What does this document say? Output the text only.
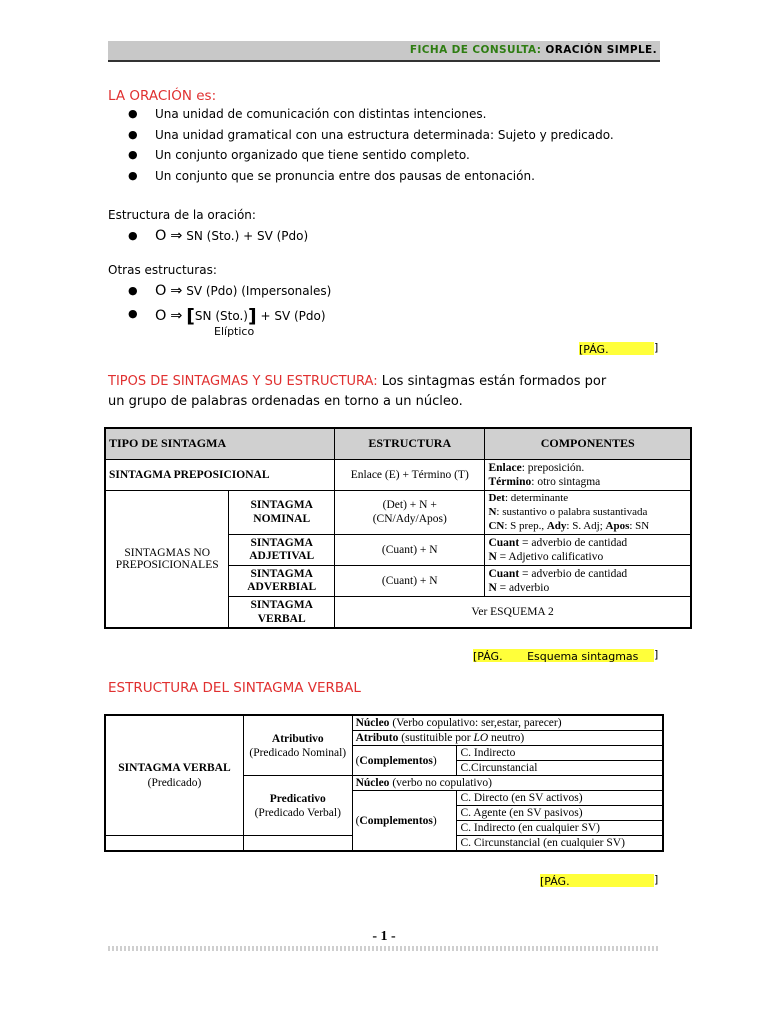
FICHA DE CONSULTA: ORACIÓN SIMPLE.
LA ORACIÓN es:
● Una unidad de comunicación con distintas intenciones.
● Una unidad gramatical con una estructura determinada: Sujeto y predicado.
● Un conjunto organizado que tiene sentido completo.
● Un conjunto que se pronuncia entre dos pausas de entonación.
Estructura de la oración:
● O ⇒ SN (Sto.) + SV (Pdo)
Otras estructuras:
● O ⇒ SV (Pdo) (Impersonales)
● O ⇒ [SN (Sto.)] + SV (Pdo)
Elíptico
[PÁG.	]
TIPOS DE SINTAGMAS Y SU ESTRUCTURA: Los sintagmas están formados por
un grupo de palabras ordenadas en torno a un núcleo.
TIPO DE SINTAGMA		ESTRUCTURA	COMPONENTES
SINTAGMA PREPOSICIONAL		Enlace (E) + Término (T)	Enlace: preposición.
Término: otro sintagma
SINTAGMAS NO PREPOSICIONALES	SINTAGMA NOMINAL	(Det) + N +
(CN/Ady/Apos)	Det: determinante
N: sustantivo o palabra sustantivada
CN: S prep., Ady: S. Adj; Apos: SN
	SINTAGMA ADJETIVAL	(Cuant) + N	Cuant = adverbio de cantidad
N = Adjetivo calificativo
	SINTAGMA ADVERBIAL	(Cuant) + N	Cuant = adverbio de cantidad
N = adverbio
	SINTAGMA VERBAL	Ver ESQUEMA 2	
[PÁG. Esquema sintagmas ]
ESTRUCTURA DEL SINTAGMA VERBAL
SINTAGMA VERBAL
(Predicado)	Atributivo
(Predicado Nominal)	Núcleo (Verbo copulativo: ser,estar, parecer)	
		Atributo (sustituible por LO neutro)	
		(Complementos)	C. Indirecto
			C.Circunstancial
	Predicativo
(Predicado Verbal)	Núcleo (verbo no copulativo)	
		(Complementos)	C. Directo (en SV activos)
			C. Agente (en SV pasivos)
			C. Indirecto (en cualquier SV)
			C. Circunstancial (en cualquier SV)
[PÁG.	]
- 1 -
